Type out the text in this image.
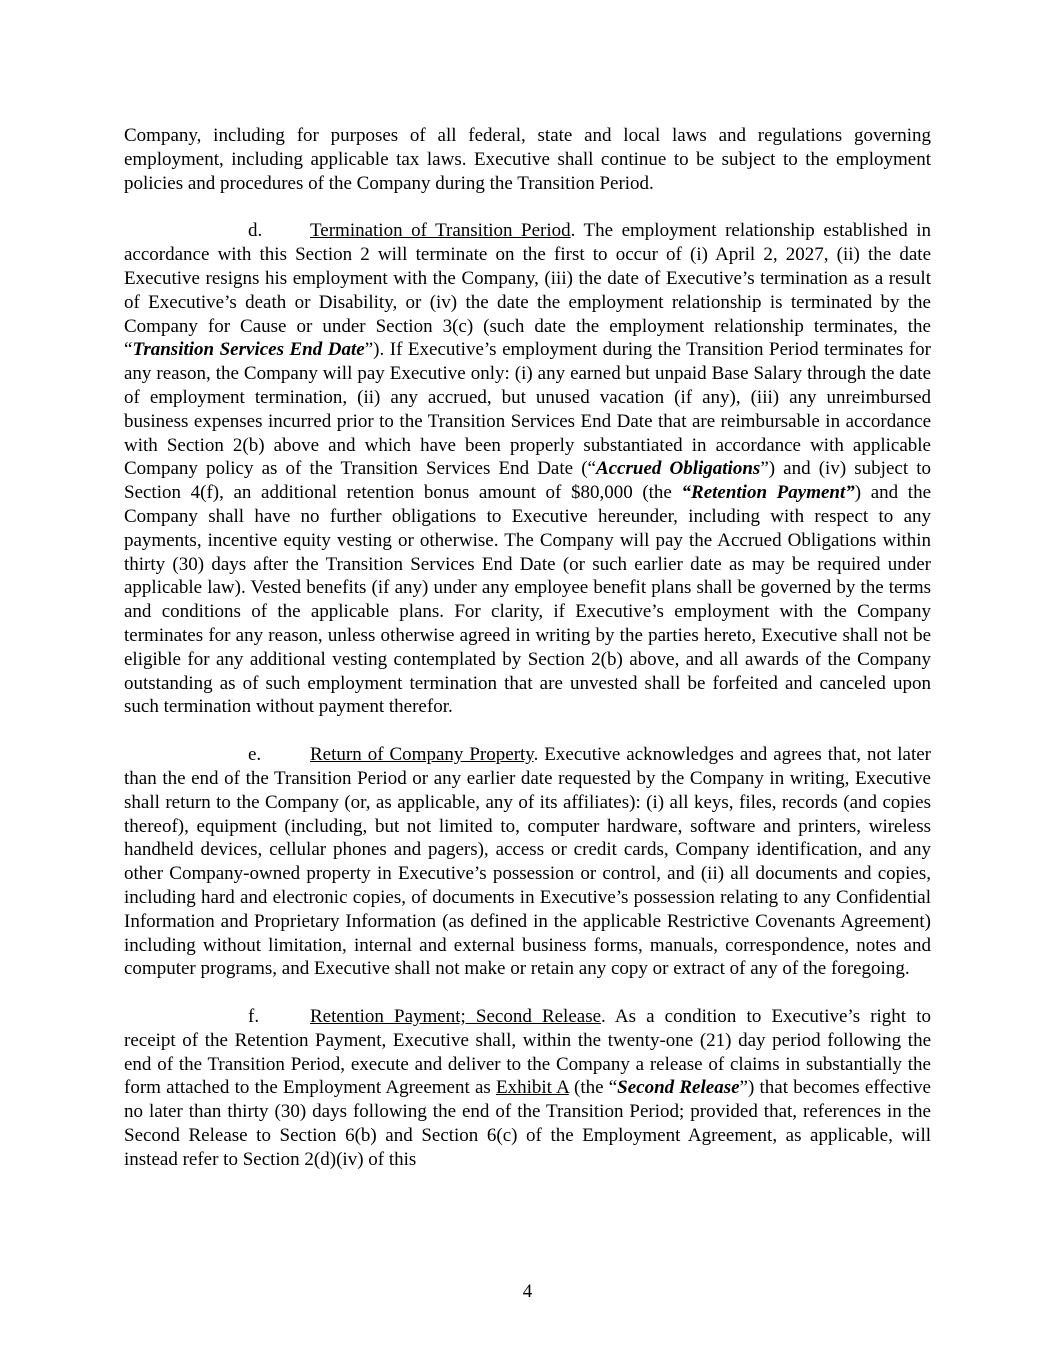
Company, including for purposes of all federal, state and local laws and regulations governing employment, including applicable tax laws. Executive shall continue to be subject to the employment policies and procedures of the Company during the Transition Period.

d.	Termination of Transition Period. The employment relationship established in accordance with this Section 2 will terminate on the first to occur of (i) April 2, 2027, (ii) the date Executive resigns his employment with the Company, (iii) the date of Executive’s termination as a result of Executive’s death or Disability, or (iv) the date the employment relationship is terminated by the Company for Cause or under Section 3(c) (such date the employment relationship terminates, the “Transition Services End Date”). If Executive’s employment during the Transition Period terminates for any reason, the Company will pay Executive only: (i) any earned but unpaid Base Salary through the date of employment termination, (ii) any accrued, but unused vacation (if any), (iii) any unreimbursed business expenses incurred prior to the Transition Services End Date that are reimbursable in accordance with Section 2(b) above and which have been properly substantiated in accordance with applicable Company policy as of the Transition Services End Date (“Accrued Obligations”) and (iv) subject to Section 4(f), an additional retention bonus amount of $80,000 (the “Retention Payment”) and the Company shall have no further obligations to Executive hereunder, including with respect to any payments, incentive equity vesting or otherwise. The Company will pay the Accrued Obligations within thirty (30) days after the Transition Services End Date (or such earlier date as may be required under applicable law). Vested benefits (if any) under any employee benefit plans shall be governed by the terms and conditions of the applicable plans. For clarity, if Executive’s employment with the Company terminates for any reason, unless otherwise agreed in writing by the parties hereto, Executive shall not be eligible for any additional vesting contemplated by Section 2(b) above, and all awards of the Company outstanding as of such employment termination that are unvested shall be forfeited and canceled upon such termination without payment therefor.

e.	Return of Company Property. Executive acknowledges and agrees that, not later than the end of the Transition Period or any earlier date requested by the Company in writing, Executive shall return to the Company (or, as applicable, any of its affiliates): (i) all keys, files, records (and copies thereof), equipment (including, but not limited to, computer hardware, software and printers, wireless handheld devices, cellular phones and pagers), access or credit cards, Company identification, and any other Company-owned property in Executive’s possession or control, and (ii) all documents and copies, including hard and electronic copies, of documents in Executive’s possession relating to any Confidential Information and Proprietary Information (as defined in the applicable Restrictive Covenants Agreement) including without limitation, internal and external business forms, manuals, correspondence, notes and computer programs, and Executive shall not make or retain any copy or extract of any of the foregoing.

f.	Retention Payment; Second Release. As a condition to Executive’s right to receipt of the Retention Payment, Executive shall, within the twenty-one (21) day period following the end of the Transition Period, execute and deliver to the Company a release of claims in substantially the form attached to the Employment Agreement as Exhibit A (the “Second Release”) that becomes effective no later than thirty (30) days following the end of the Transition Period; provided that, references in the Second Release to Section 6(b) and Section 6(c) of the Employment Agreement, as applicable, will instead refer to Section 2(d)(iv) of this

4
